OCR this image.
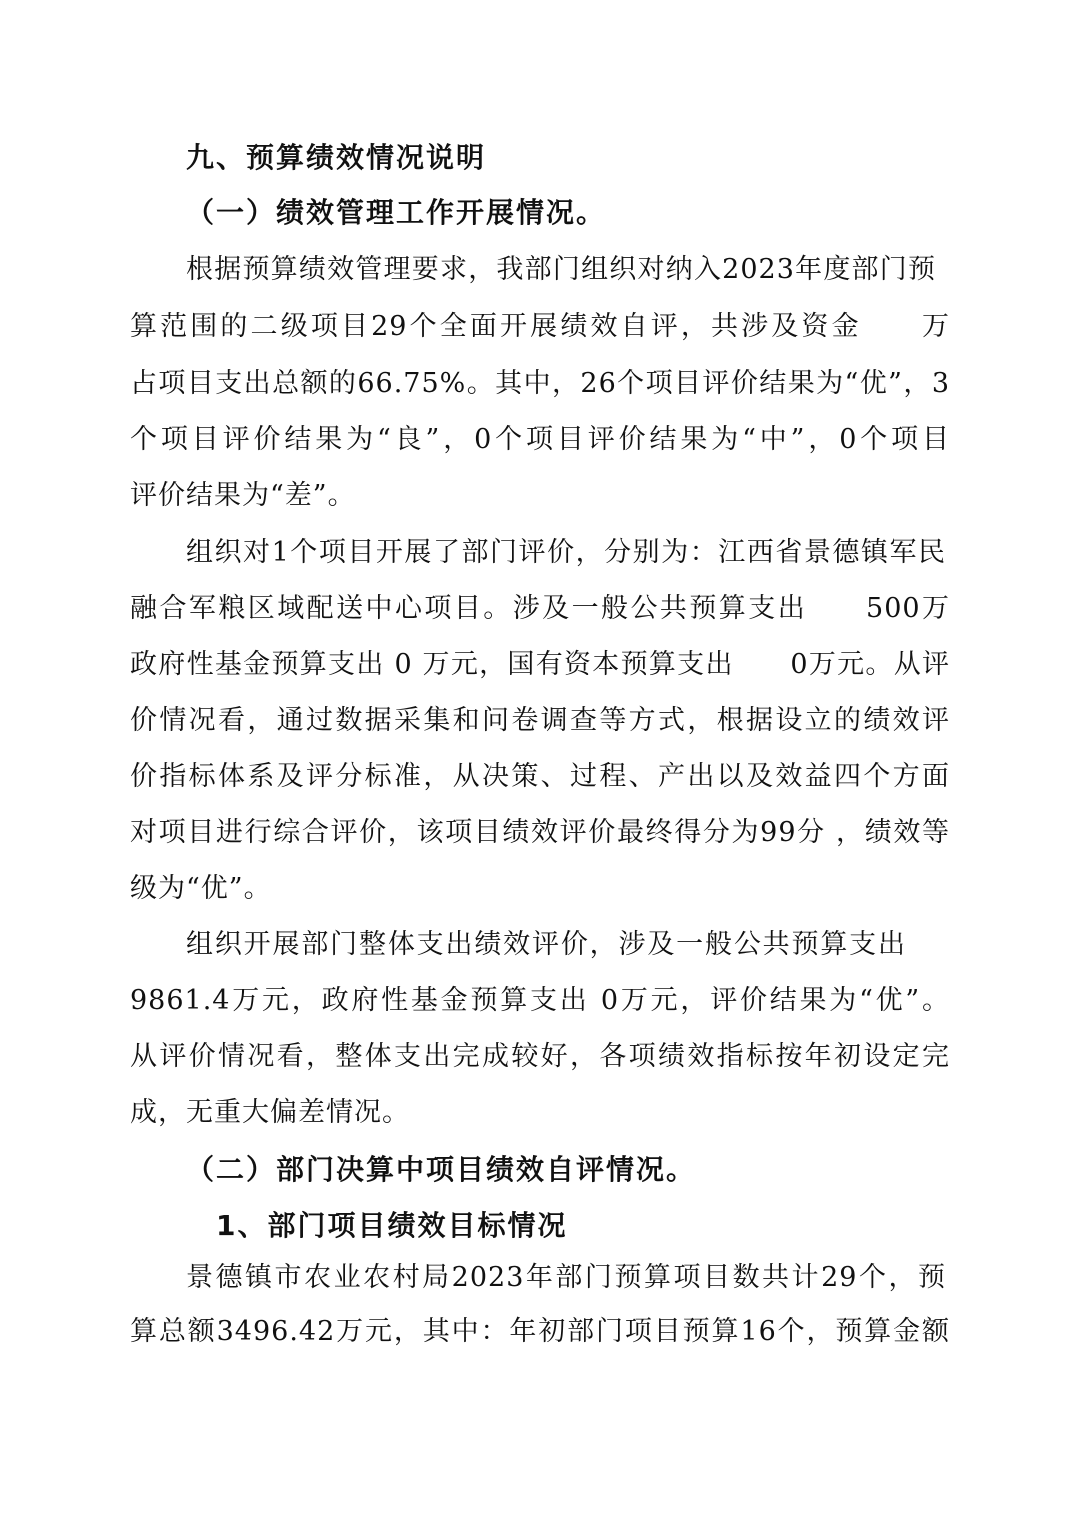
九、预算绩效情况说明
（一）绩效管理工作开展情况。
根据预算绩效管理要求，我部门组织对纳入2023年度部门预
算范围的二级项目29个全面开展绩效自评，共涉及资金　　万
占项目支出总额的66.75%。其中，26个项目评价结果为“优”，3
个项目评价结果为“良”，0个项目评价结果为“中”，0个项目
评价结果为“差”。
组织对1个项目开展了部门评价，分别为：江西省景德镇军民
融合军粮区域配送中心项目。涉及一般公共预算支出　　500万
政府性基金预算支出 0 万元，国有资本预算支出　　0万元。从评
价情况看，通过数据采集和问卷调查等方式，根据设立的绩效评
价指标体系及评分标准，从决策、过程、产出以及效益四个方面
对项目进行综合评价，该项目绩效评价最终得分为99分 ，绩效等
级为“优”。
组织开展部门整体支出绩效评价，涉及一般公共预算支出
9861.4万元，政府性基金预算支出 0万元，评价结果为“优”。
从评价情况看，整体支出完成较好，各项绩效指标按年初设定完
成，无重大偏差情况。
（二）部门决算中项目绩效自评情况。
1、部门项目绩效目标情况
景德镇市农业农村局2023年部门预算项目数共计29个，预
算总额3496.42万元，其中：年初部门项目预算16个，预算金额
